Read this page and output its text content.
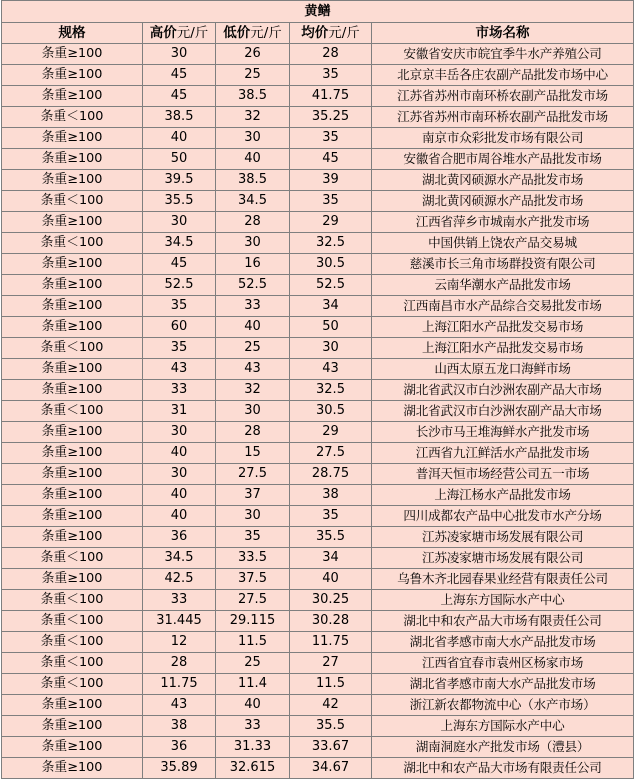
黄鳝				
规格	高价元/斤	低价元/斤	均价元/斤	市场名称
条重≥100	30	26	28	安徽省安庆市皖宜季牛水产养殖公司
条重≥100	45	25	35	北京京丰岳各庄农副产品批发市场中心
条重≥100	45	38.5	41.75	江苏省苏州市南环桥农副产品批发市场
条重＜100	38.5	32	35.25	江苏省苏州市南环桥农副产品批发市场
条重≥100	40	30	35	南京市众彩批发市场有限公司
条重≥100	50	40	45	安徽省合肥市周谷堆水产品批发市场
条重≥100	39.5	38.5	39	湖北黄冈硕源水产品批发市场
条重＜100	35.5	34.5	35	湖北黄冈硕源水产品批发市场
条重≥100	30	28	29	江西省萍乡市城南水产批发市场
条重＜100	34.5	30	32.5	中国供销上饶农产品交易城
条重≥100	45	16	30.5	慈溪市长三角市场群投资有限公司
条重≥100	52.5	52.5	52.5	云南华潮水产品批发市场
条重≥100	35	33	34	江西南昌市水产品综合交易批发市场
条重≥100	60	40	50	上海江阳水产品批发交易市场
条重＜100	35	25	30	上海江阳水产品批发交易市场
条重≥100	43	43	43	山西太原五龙口海鲜市场
条重≥100	33	32	32.5	湖北省武汉市白沙洲农副产品大市场
条重＜100	31	30	30.5	湖北省武汉市白沙洲农副产品大市场
条重≥100	30	28	29	长沙市马王堆海鲜水产批发市场
条重≥100	40	15	27.5	江西省九江鲜活水产品批发市场
条重≥100	30	27.5	28.75	普洱天恒市场经营公司五一市场
条重≥100	40	37	38	上海江杨水产品批发市场
条重≥100	40	30	35	四川成都农产品中心批发市水产分场
条重≥100	36	35	35.5	江苏凌家塘市场发展有限公司
条重＜100	34.5	33.5	34	江苏凌家塘市场发展有限公司
条重≥100	42.5	37.5	40	乌鲁木齐北园春果业经营有限责任公司
条重＜100	33	27.5	30.25	上海东方国际水产中心
条重＜100	31.445	29.115	30.28	湖北中和农产品大市场有限责任公司
条重＜100	12	11.5	11.75	湖北省孝感市南大水产品批发市场
条重＜100	28	25	27	江西省宜春市袁州区杨家市场
条重＜100	11.75	11.4	11.5	湖北省孝感市南大水产品批发市场
条重≥100	43	40	42	浙江新农都物流中心（水产市场）
条重≥100	38	33	35.5	上海东方国际水产中心
条重≥100	36	31.33	33.67	湖南洞庭水产批发市场（澧县）
条重≥100	35.89	32.615	34.67	湖北中和农产品大市场有限责任公司
